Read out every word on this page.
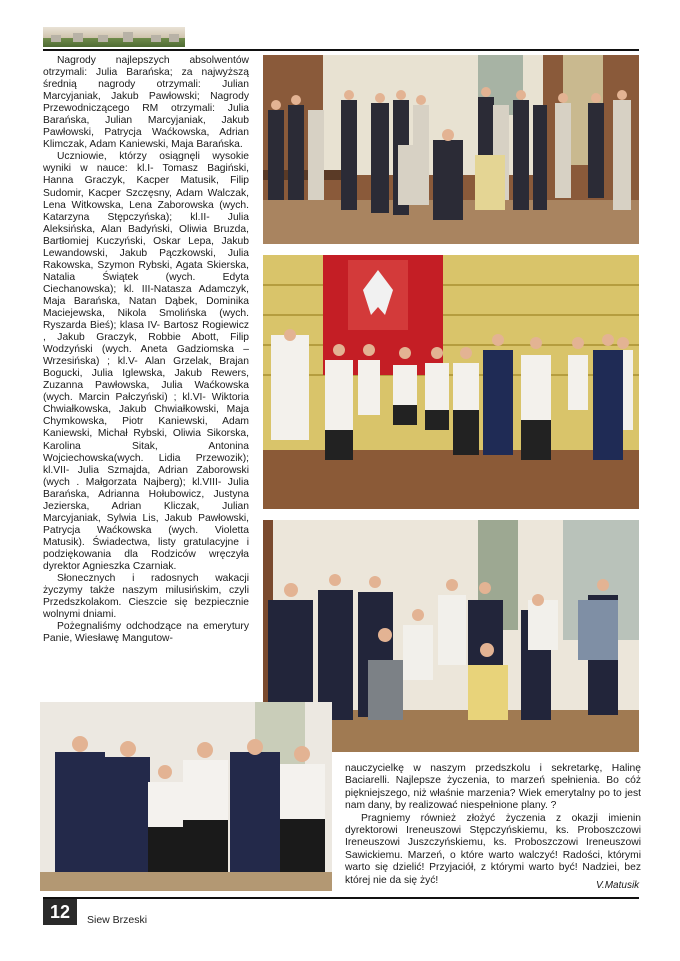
Nagrody najlepszych absolwentów otrzymali: Julia Barańska; za najwyższą średnią nagrody otrzymali: Julian Marcyjaniak, Jakub Pawłowski; Nagrody Przewodniczącego RM otrzymali: Julia Barańska, Julian Marcyjaniak, Jakub Pawłowski, Patrycja Waćkowska, Adrian Klimczak, Adam Kaniewski, Maja Barańska.

Uczniowie, którzy osiągnęli wysokie wyniki w nauce: kl.I- Tomasz Bagiński, Hanna Graczyk, Kacper Matusik, Filip Sudomir, Kacper Szczęsny, Adam Walczak, Lena Witkowska, Lena Zaborowska (wych. Katarzyna Stępczyńska); kl.II- Julia Aleksińska, Alan Badyński, Oliwia Bruzda, Bartłomiej Kuczyński, Oskar Lepa, Jakub Lewandowski, Jakub Pączkowski, Julia Rakowska, Szymon Rybski, Agata Skierska, Natalia Świątek (wych. Edyta Ciechanowska); kl. III-Natasza Adamczyk, Maja Barańska, Natan Dąbek, Dominika Maciejewska, Nikola Smolińska (wych. Ryszarda Bieś); klasa IV- Bartosz Rogiewicz , Jakub Graczyk, Robbie Abott, Filip Wodzyński (wych. Aneta Gadziomska – Wrzesińska) ; kl.V- Alan Grzelak, Brajan Bogucki, Julia Iglewska, Jakub Rewers, Zuzanna Pawłowska, Julia Waćkowska (wych. Marcin Pałczyński) ; kl.VI- Wiktoria Chwiałkowska, Jakub Chwiałkowski, Maja Chymkowska, Piotr Kaniewski, Adam Kaniewski, Michał Rybski, Oliwia Sikorska, Karolina Sitak, Antonina Wojciechowska(wych. Lidia Przewozik); kl.VII- Julia Szmajda, Adrian Zaborowski (wych . Małgorzata Najberg); kl.VIII- Julia Barańska, Adrianna Hołubowicz, Justyna Jezierska, Adrian Kliczak, Julian Marcyjaniak, Sylwia Lis, Jakub Pawłowski, Patrycja Waćkowska (wych. Violetta Matusik). Świadectwa, listy gratulacyjne i podziękowania dla Rodziców wręczyła dyrektor Agnieszka Czarniak.

Słonecznych i radosnych wakacji życzymy także naszym milusińskim, czyli Przedszkolakom. Cieszcie się bezpiecznie wolnymi dniami.

Pożegnaliśmy odchodzące na emerytury Panie, Wiesławę Mangutow-

nauczycielkę w naszym przedszkolu i sekretarkę, Halinę Baciarelli. Najlepsze życzenia, to marzeń spełnienia. Bo cóż piękniejszego, niż właśnie marzenia? Wiek emerytalny po to jest nam dany, by realizować niespełnione plany. ?

Pragniemy również złożyć życzenia z okazji imienin dyrektorowi Ireneuszowi Stępczyńskiemu, ks. Proboszczowi Ireneuszowi Juszczyńskiemu, ks. Proboszczowi Ireneuszowi Sawickiemu. Marzeń, o które warto walczyć! Radości, którymi warto się dzielić! Przyjaciół, z którymi warto być! Nadziei, bez której nie da się żyć!	V.Matusik
12	Siew Brzeski
